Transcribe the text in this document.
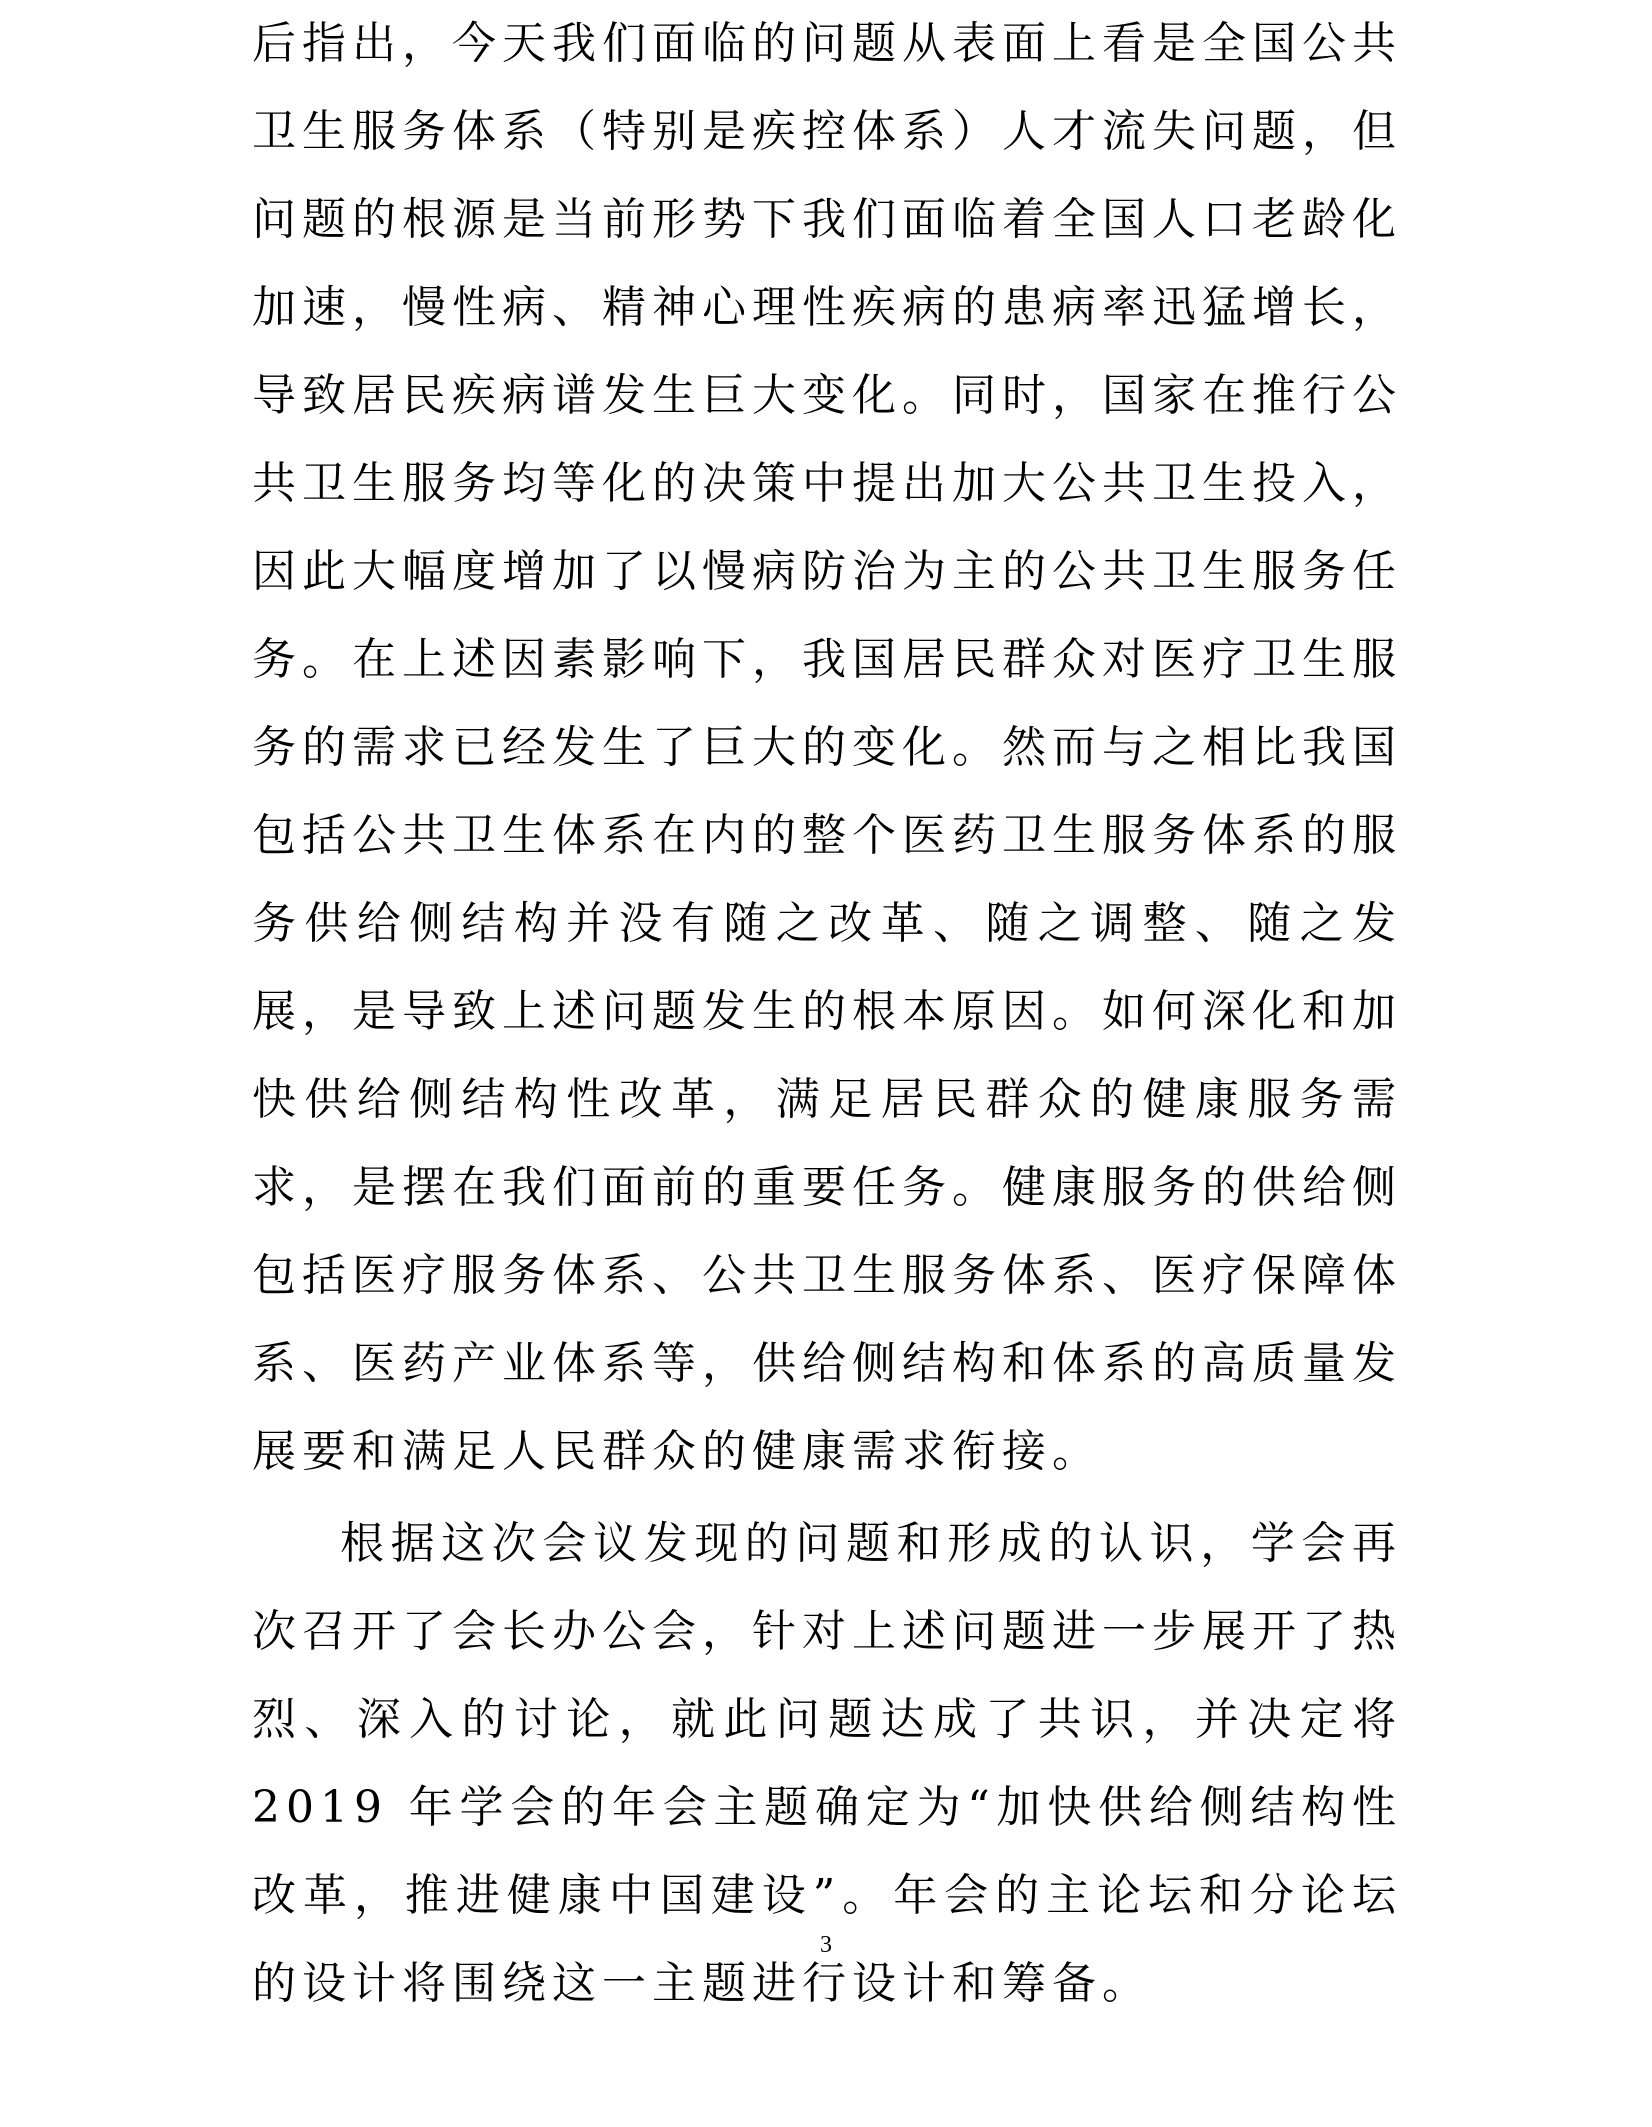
后指出，今天我们面临的问题从表面上看是全国公共卫生服务体系（特别是疾控体系）人才流失问题，但问题的根源是当前形势下我们面临着全国人口老龄化加速，慢性病、精神心理性疾病的患病率迅猛增长，导致居民疾病谱发生巨大变化。同时，国家在推行公共卫生服务均等化的决策中提出加大公共卫生投入，因此大幅度增加了以慢病防治为主的公共卫生服务任务。在上述因素影响下，我国居民群众对医疗卫生服务的需求已经发生了巨大的变化。然而与之相比我国包括公共卫生体系在内的整个医药卫生服务体系的服务供给侧结构并没有随之改革、随之调整、随之发展，是导致上述问题发生的根本原因。如何深化和加快供给侧结构性改革，满足居民群众的健康服务需求，是摆在我们面前的重要任务。健康服务的供给侧包括医疗服务体系、公共卫生服务体系、医疗保障体系、医药产业体系等，供给侧结构和体系的高质量发展要和满足人民群众的健康需求衔接。

根据这次会议发现的问题和形成的认识，学会再次召开了会长办公会，针对上述问题进一步展开了热烈、深入的讨论，就此问题达成了共识，并决定将 2019 年学会的年会主题确定为“加快供给侧结构性改革，推进健康中国建设”。年会的主论坛和分论坛的设计将围绕这一主题进行设计和筹备。

3
